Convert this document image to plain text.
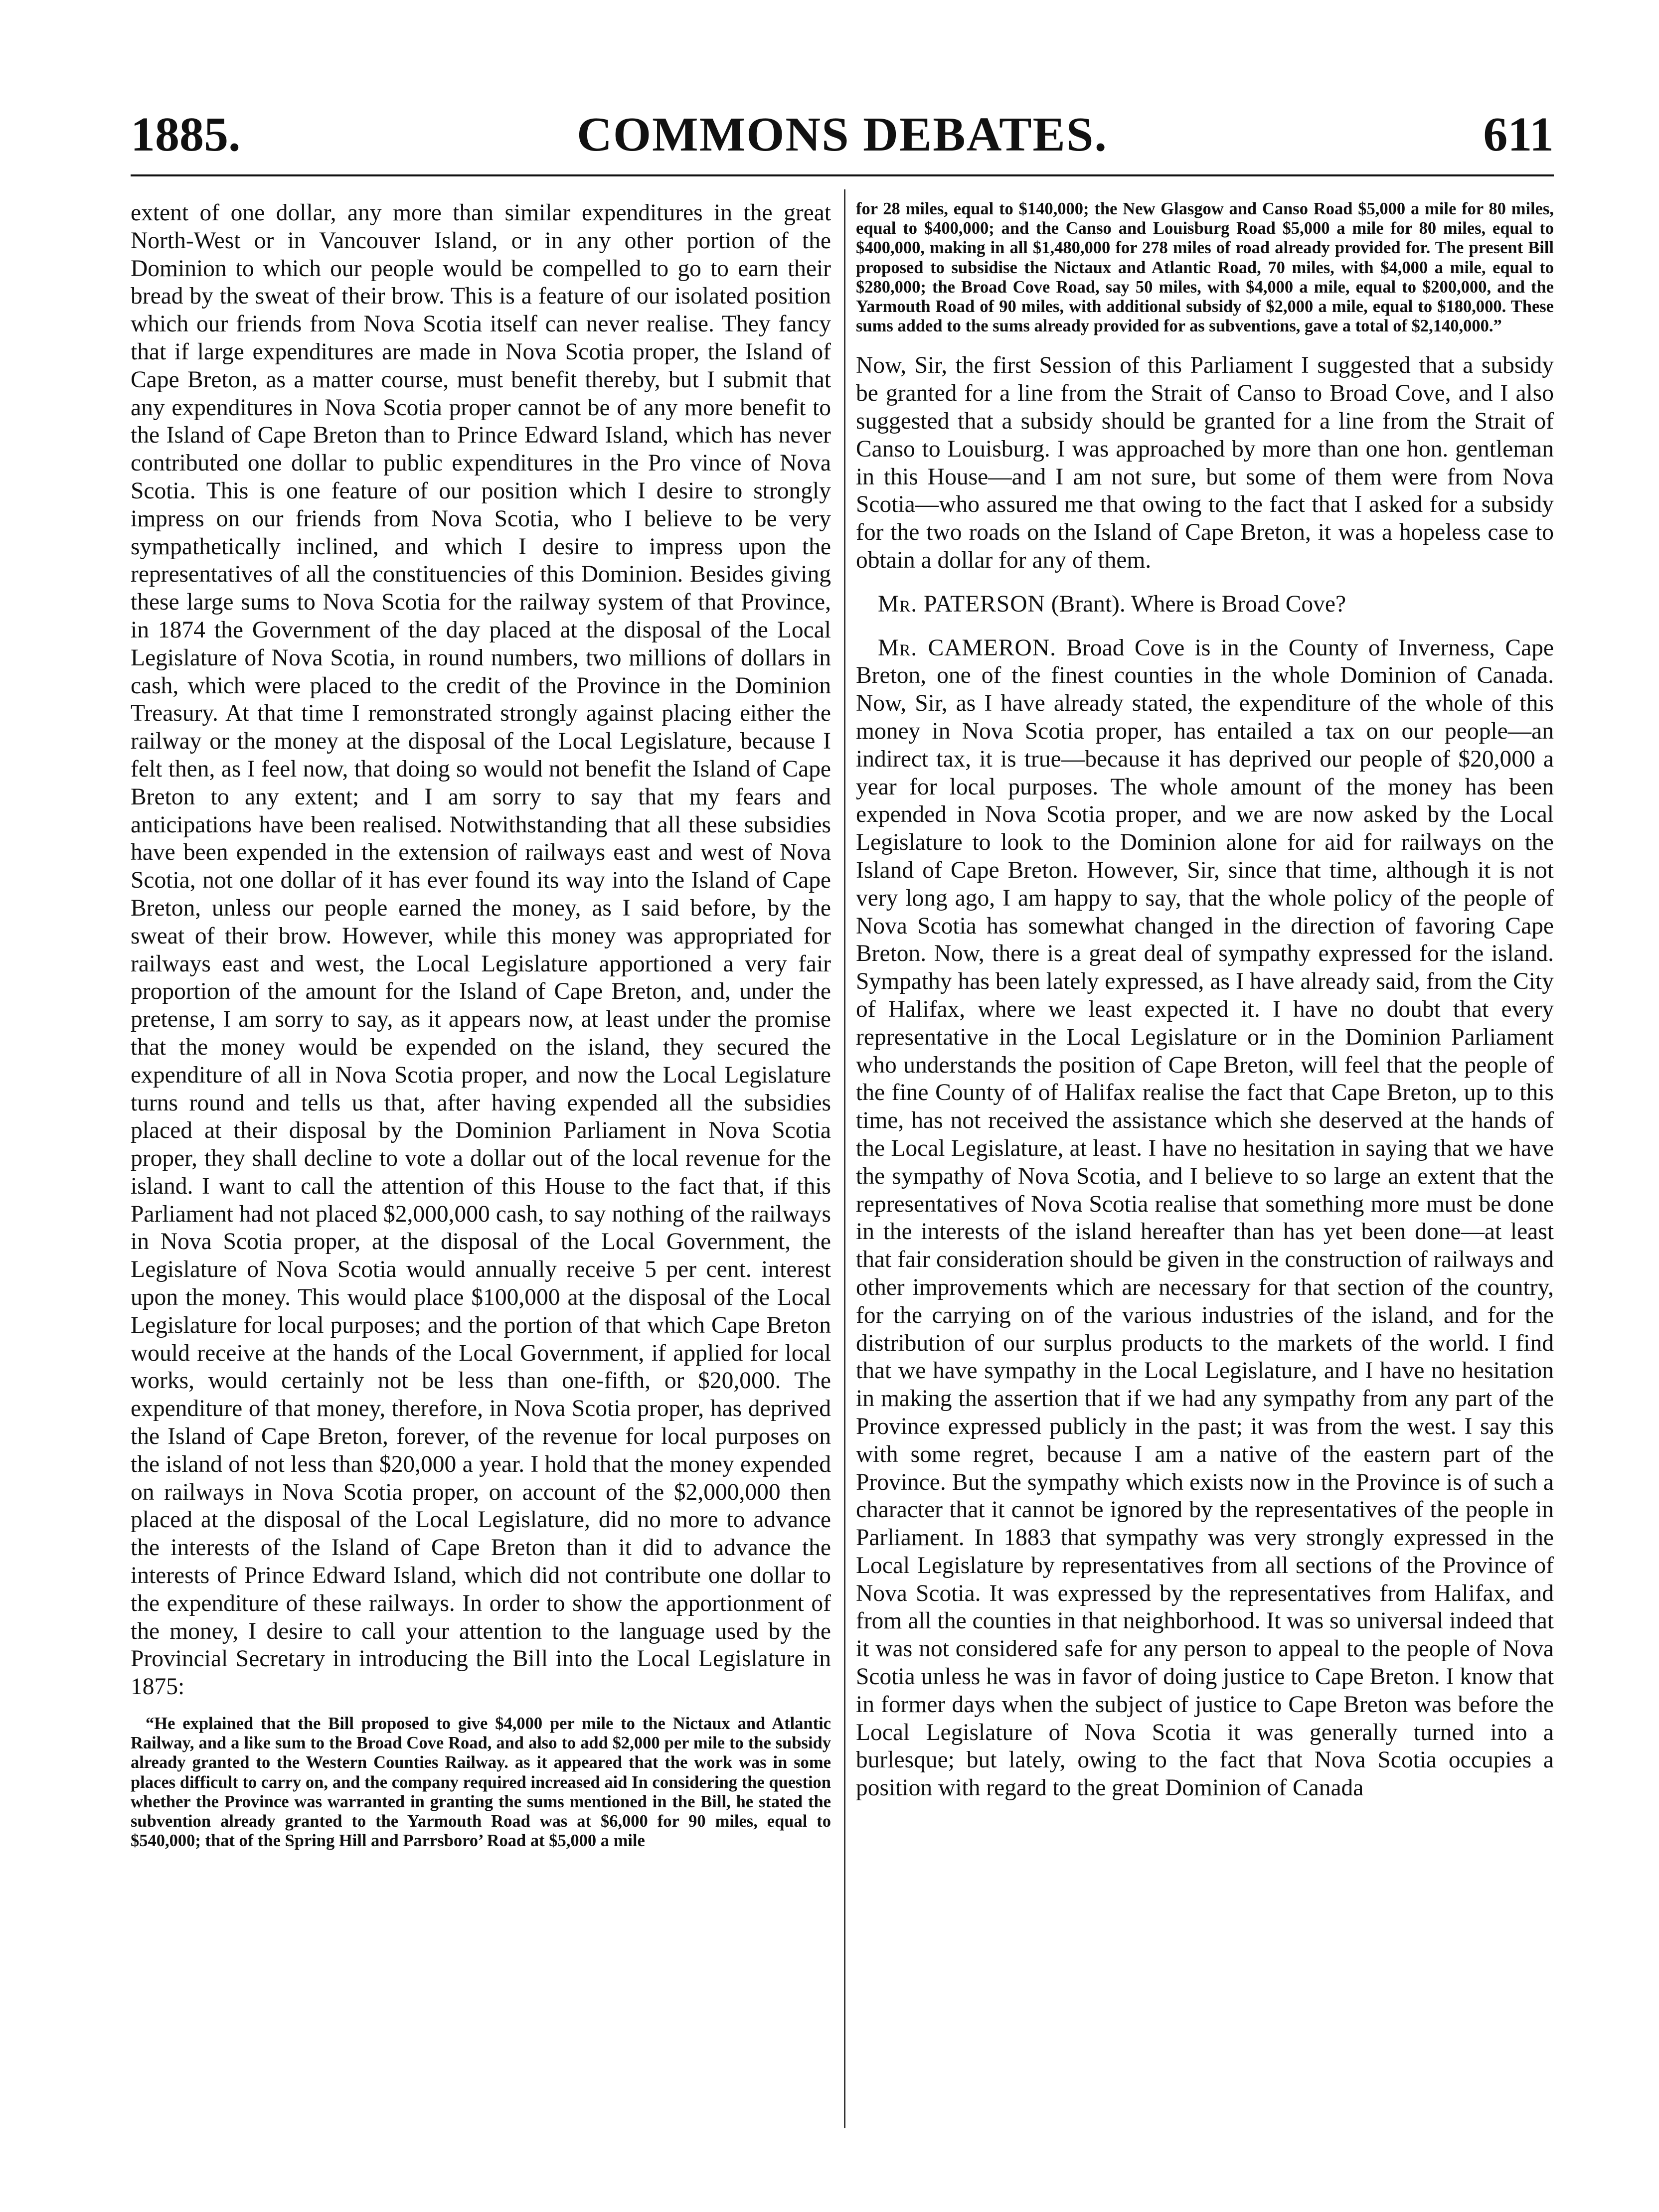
1885.	COMMONS DEBATES.	611

extent of one dollar, any more than similar expenditures in the great North-West or in Vancouver Island, or in any other portion of the Dominion to which our people would be compelled to go to earn their bread by the sweat of their brow. This is a feature of our isolated position which our friends from Nova Scotia itself can never realise. They fancy that if large expenditures are made in Nova Scotia proper, the Island of Cape Breton, as a matter course, must benefit thereby, but I submit that any expenditures in Nova Scotia proper cannot be of any more benefit to the Island of Cape Breton than to Prince Edward Island, which has never contributed one dollar to public expenditures in the Pro vince of Nova Scotia. This is one feature of our position which I desire to strongly impress on our friends from Nova Scotia, who I believe to be very sympathetically inclined, and which I desire to impress upon the representatives of all the constituencies of this Dominion. Besides giving these large sums to Nova Scotia for the railway system of that Province, in 1874 the Government of the day placed at the disposal of the Local Legislature of Nova Scotia, in round numbers, two millions of dollars in cash, which were placed to the credit of the Province in the Dominion Treasury. At that time I remonstrated strongly against placing either the railway or the money at the disposal of the Local Legislature, because I felt then, as I feel now, that doing so would not benefit the Island of Cape Breton to any extent; and I am sorry to say that my fears and anticipations have been realised. Notwithstanding that all these subsidies have been expended in the extension of railways east and west of Nova Scotia, not one dollar of it has ever found its way into the Island of Cape Breton, unless our people earned the money, as I said before, by the sweat of their brow. However, while this money was appropriated for railways east and west, the Local Legislature apportioned a very fair proportion of the amount for the Island of Cape Breton, and, under the pretense, I am sorry to say, as it appears now, at least under the promise that the money would be expended on the island, they secured the expenditure of all in Nova Scotia proper, and now the Local Legislature turns round and tells us that, after having expended all the subsidies placed at their disposal by the Dominion Parliament in Nova Scotia proper, they shall decline to vote a dollar out of the local revenue for the island. I want to call the attention of this House to the fact that, if this Parliament had not placed $2,000,000 cash, to say nothing of the railways in Nova Scotia proper, at the disposal of the Local Government, the Legislature of Nova Scotia would annually receive 5 per cent. interest upon the money. This would place $100,000 at the disposal of the Local Legislature for local purposes; and the portion of that which Cape Breton would receive at the hands of the Local Government, if applied for local works, would certainly not be less than one-fifth, or $20,000. The expenditure of that money, therefore, in Nova Scotia proper, has deprived the Island of Cape Breton, forever, of the revenue for local purposes on the island of not less than $20,000 a year. I hold that the money expended on railways in Nova Scotia proper, on account of the $2,000,000 then placed at the disposal of the Local Legislature, did no more to advance the interests of the Island of Cape Breton than it did to advance the interests of Prince Edward Island, which did not contribute one dollar to the expenditure of these railways. In order to show the apportionment of the money, I desire to call your attention to the language used by the Provincial Secretary in introducing the Bill into the Local Legislature in 1875:

“He explained that the Bill proposed to give $4,000 per mile to the Nictaux and Atlantic Railway, and a like sum to the Broad Cove Road, and also to add $2,000 per mile to the subsidy already granted to the Western Counties Railway. as it appeared that the work was in some places difficult to carry on, and the company required increased aid In considering the question whether the Province was warranted in granting the sums mentioned in the Bill, he stated the subvention already granted to the Yarmouth Road was at $6,000 for 90 miles, equal to $540,000; that of the Spring Hill and Parrsboro’ Road at $5,000 a mile

for 28 miles, equal to $140,000; the New Glasgow and Canso Road $5,000 a mile for 80 miles, equal to $400,000; and the Canso and Louisburg Road $5,000 a mile for 80 miles, equal to $400,000, making in all $1,480,000 for 278 miles of road already provided for. The present Bill proposed to subsidise the Nictaux and Atlantic Road, 70 miles, with $4,000 a mile, equal to $280,000; the Broad Cove Road, say 50 miles, with $4,000 a mile, equal to $200,000, and the Yarmouth Road of 90 miles, with additional subsidy of $2,000 a mile, equal to $180,000. These sums added to the sums already provided for as subventions, gave a total of $2,140,000.”

Now, Sir, the first Session of this Parliament I suggested that a subsidy be granted for a line from the Strait of Canso to Broad Cove, and I also suggested that a subsidy should be granted for a line from the Strait of Canso to Louisburg. I was approached by more than one hon. gentleman in this House—and I am not sure, but some of them were from Nova Scotia—who assured me that owing to the fact that I asked for a subsidy for the two roads on the Island of Cape Breton, it was a hopeless case to obtain a dollar for any of them.

Mr. PATERSON (Brant). Where is Broad Cove?

Mr. CAMERON. Broad Cove is in the County of Inverness, Cape Breton, one of the finest counties in the whole Dominion of Canada. Now, Sir, as I have already stated, the expenditure of the whole of this money in Nova Scotia proper, has entailed a tax on our people—an indirect tax, it is true—because it has deprived our people of $20,000 a year for local purposes. The whole amount of the money has been expended in Nova Scotia proper, and we are now asked by the Local Legislature to look to the Dominion alone for aid for railways on the Island of Cape Breton. However, Sir, since that time, although it is not very long ago, I am happy to say, that the whole policy of the people of Nova Scotia has somewhat changed in the direction of favoring Cape Breton. Now, there is a great deal of sympathy expressed for the island. Sympathy has been lately expressed, as I have already said, from the City of Halifax, where we least expected it. I have no doubt that every representative in the Local Legislature or in the Dominion Parliament who understands the position of Cape Breton, will feel that the people of the fine County of of Halifax realise the fact that Cape Breton, up to this time, has not received the assistance which she deserved at the hands of the Local Legislature, at least. I have no hesitation in saying that we have the sympathy of Nova Scotia, and I believe to so large an extent that the representatives of Nova Scotia realise that something more must be done in the interests of the island hereafter than has yet been done—at least that fair consideration should be given in the construction of railways and other improvements which are necessary for that section of the country, for the carrying on of the various industries of the island, and for the distribution of our surplus products to the markets of the world. I find that we have sympathy in the Local Legislature, and I have no hesitation in making the assertion that if we had any sympathy from any part of the Province expressed publicly in the past; it was from the west. I say this with some regret, because I am a native of the eastern part of the Province. But the sympathy which exists now in the Province is of such a character that it cannot be ignored by the representatives of the people in Parliament. In 1883 that sympathy was very strongly expressed in the Local Legislature by representatives from all sections of the Province of Nova Scotia. It was expressed by the representatives from Halifax, and from all the counties in that neighborhood. It was so universal indeed that it was not considered safe for any person to appeal to the people of Nova Scotia unless he was in favor of doing justice to Cape Breton. I know that in former days when the subject of justice to Cape Breton was before the Local Legislature of Nova Scotia it was generally turned into a burlesque; but lately, owing to the fact that Nova Scotia occupies a position with regard to the great Dominion of Canada
